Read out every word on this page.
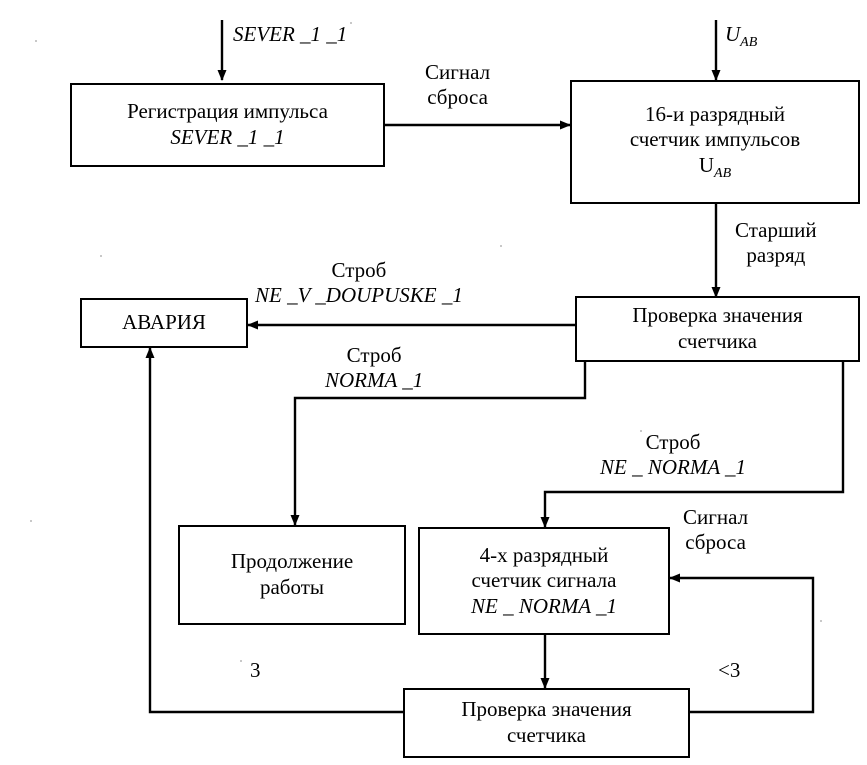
Регистрация импульса
SEVER _1 _1
16-и разрядный
счетчик импульсов
$U_{AB}$
Проверка значения
счетчика
АВАРИЯ
Продолжение
работы
4-х разрядный
счетчик сигнала
NE _ NORMA _1
Проверка значения
счетчика
SEVER _1 _1	$U_{AB}$
Сигнал
сброса
Старший
разряд
Строб
NE _V _DOUPUSKE _1
Строб
NORMA _1
Строб
NE _ NORMA _1
Сигнал
сброса
3	<3
